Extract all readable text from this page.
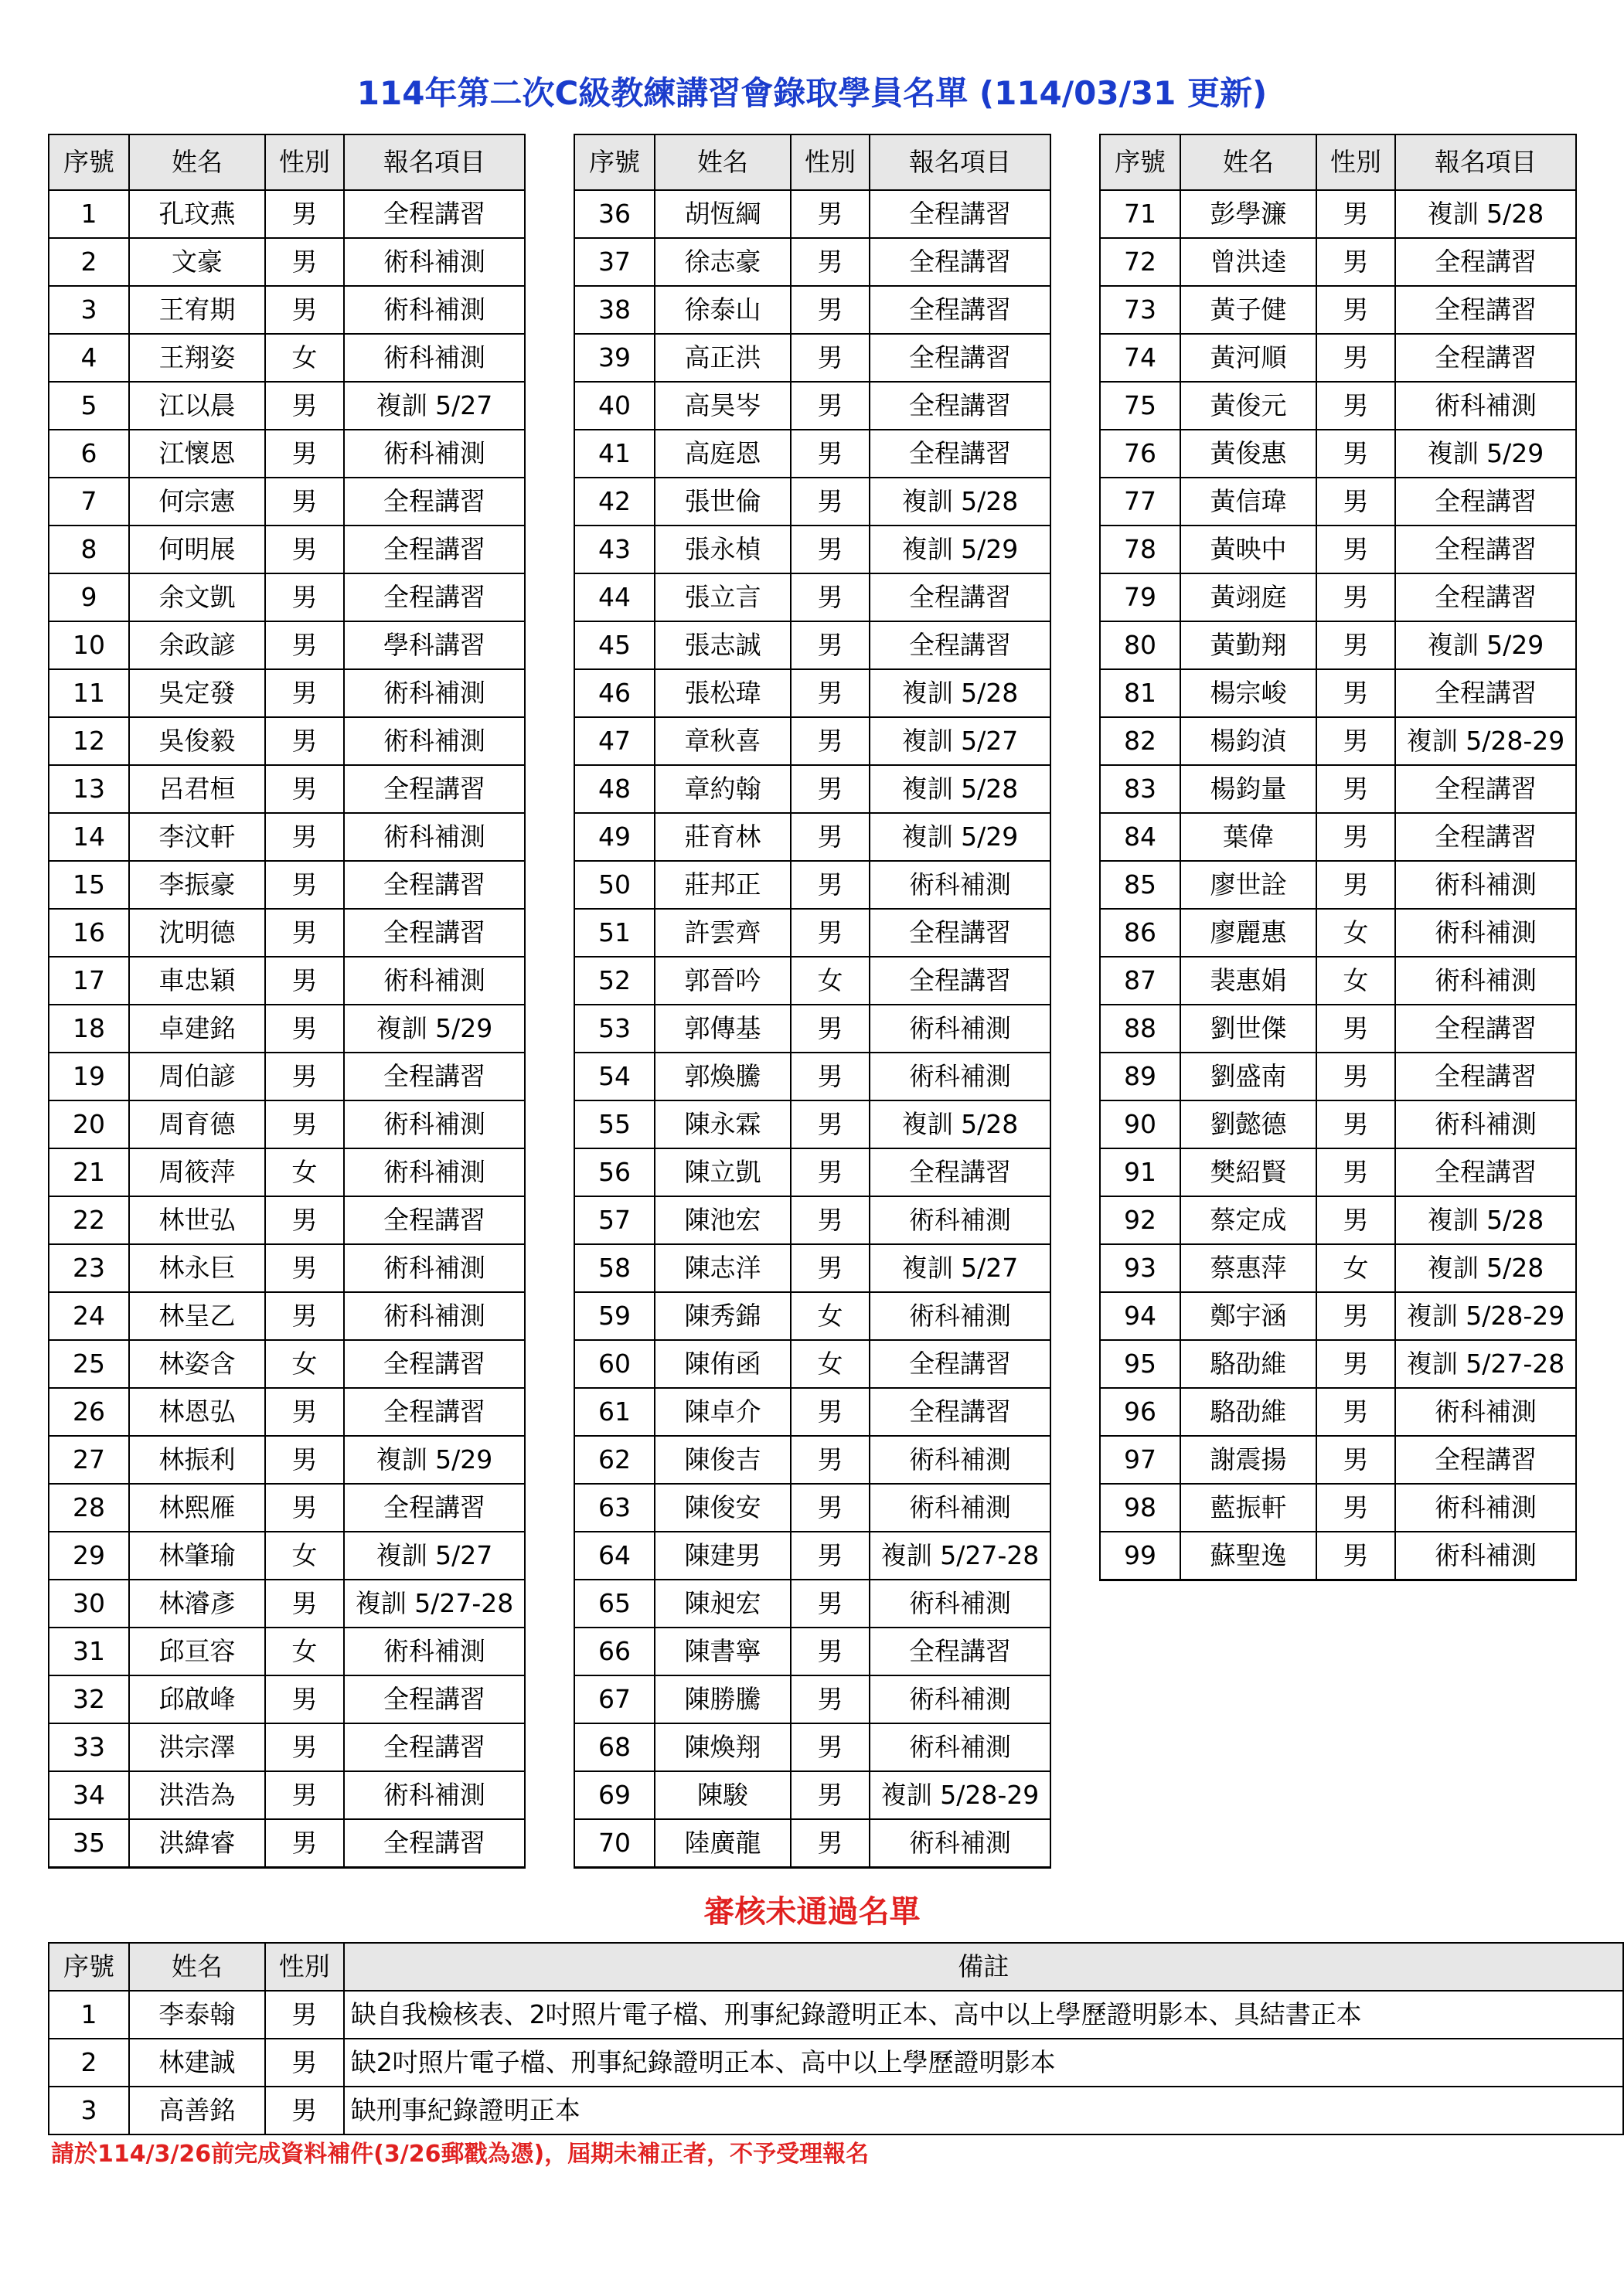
114年第二次C級教練講習會錄取學員名單 (114/03/31 更新)
序號	姓名	性別	報名項目
1	孔玟燕	男	全程講習
2	文豪	男	術科補測
3	王宥期	男	術科補測
4	王翔姿	女	術科補測
5	江以晨	男	複訓 5/27
6	江懷恩	男	術科補測
7	何宗憲	男	全程講習
8	何明展	男	全程講習
9	余文凱	男	全程講習
10	余政諺	男	學科講習
11	吳定發	男	術科補測
12	吳俊毅	男	術科補測
13	呂君桓	男	全程講習
14	李汶軒	男	術科補測
15	李振豪	男	全程講習
16	沈明德	男	全程講習
17	車忠穎	男	術科補測
18	卓建銘	男	複訓 5/29
19	周伯諺	男	全程講習
20	周育德	男	術科補測
21	周筱萍	女	術科補測
22	林世弘	男	全程講習
23	林永巨	男	術科補測
24	林呈乙	男	術科補測
25	林姿含	女	全程講習
26	林恩弘	男	全程講習
27	林振利	男	複訓 5/29
28	林熙雁	男	全程講習
29	林肇瑜	女	複訓 5/27
30	林濬彥	男	複訓 5/27-28
31	邱亘容	女	術科補測
32	邱啟峰	男	全程講習
33	洪宗澤	男	全程講習
34	洪浩為	男	術科補測
35	洪緯睿	男	全程講習
序號	姓名	性別	報名項目
36	胡恆綱	男	全程講習
37	徐志豪	男	全程講習
38	徐泰山	男	全程講習
39	高正洪	男	全程講習
40	高昊岑	男	全程講習
41	高庭恩	男	全程講習
42	張世倫	男	複訓 5/28
43	張永楨	男	複訓 5/29
44	張立言	男	全程講習
45	張志誠	男	全程講習
46	張松瑋	男	複訓 5/28
47	章秋喜	男	複訓 5/27
48	章約翰	男	複訓 5/28
49	莊育林	男	複訓 5/29
50	莊邦正	男	術科補測
51	許雲齊	男	全程講習
52	郭晉吟	女	全程講習
53	郭傳基	男	術科補測
54	郭煥騰	男	術科補測
55	陳永霖	男	複訓 5/28
56	陳立凱	男	全程講習
57	陳池宏	男	術科補測
58	陳志洋	男	複訓 5/27
59	陳秀錦	女	術科補測
60	陳侑函	女	全程講習
61	陳卓介	男	全程講習
62	陳俊吉	男	術科補測
63	陳俊安	男	術科補測
64	陳建男	男	複訓 5/27-28
65	陳昶宏	男	術科補測
66	陳書寧	男	全程講習
67	陳勝騰	男	術科補測
68	陳煥翔	男	術科補測
69	陳駿	男	複訓 5/28-29
70	陸廣龍	男	術科補測
序號	姓名	性別	報名項目
71	彭學濂	男	複訓 5/28
72	曾洪逵	男	全程講習
73	黃子健	男	全程講習
74	黃河順	男	全程講習
75	黃俊元	男	術科補測
76	黃俊惠	男	複訓 5/29
77	黃信瑋	男	全程講習
78	黃映中	男	全程講習
79	黃翊庭	男	全程講習
80	黃勤翔	男	複訓 5/29
81	楊宗峻	男	全程講習
82	楊鈞湞	男	複訓 5/28-29
83	楊鈞量	男	全程講習
84	葉偉	男	全程講習
85	廖世詮	男	術科補測
86	廖麗惠	女	術科補測
87	裴惠娟	女	術科補測
88	劉世傑	男	全程講習
89	劉盛南	男	全程講習
90	劉懿德	男	術科補測
91	樊紹賢	男	全程講習
92	蔡定成	男	複訓 5/28
93	蔡惠萍	女	複訓 5/28
94	鄭宇涵	男	複訓 5/28-29
95	駱劭維	男	複訓 5/27-28
96	駱劭維	男	術科補測
97	謝震揚	男	全程講習
98	藍振軒	男	術科補測
99	蘇聖逸	男	術科補測
審核未通過名單
序號	姓名	性別	備註
1	李泰翰	男	缺自我檢核表、2吋照片電子檔、刑事紀錄證明正本、高中以上學歷證明影本、具結書正本
2	林建誠	男	缺2吋照片電子檔、刑事紀錄證明正本、高中以上學歷證明影本
3	高善銘	男	缺刑事紀錄證明正本
請於114/3/26前完成資料補件(3/26郵戳為憑)，屆期未補正者，不予受理報名
